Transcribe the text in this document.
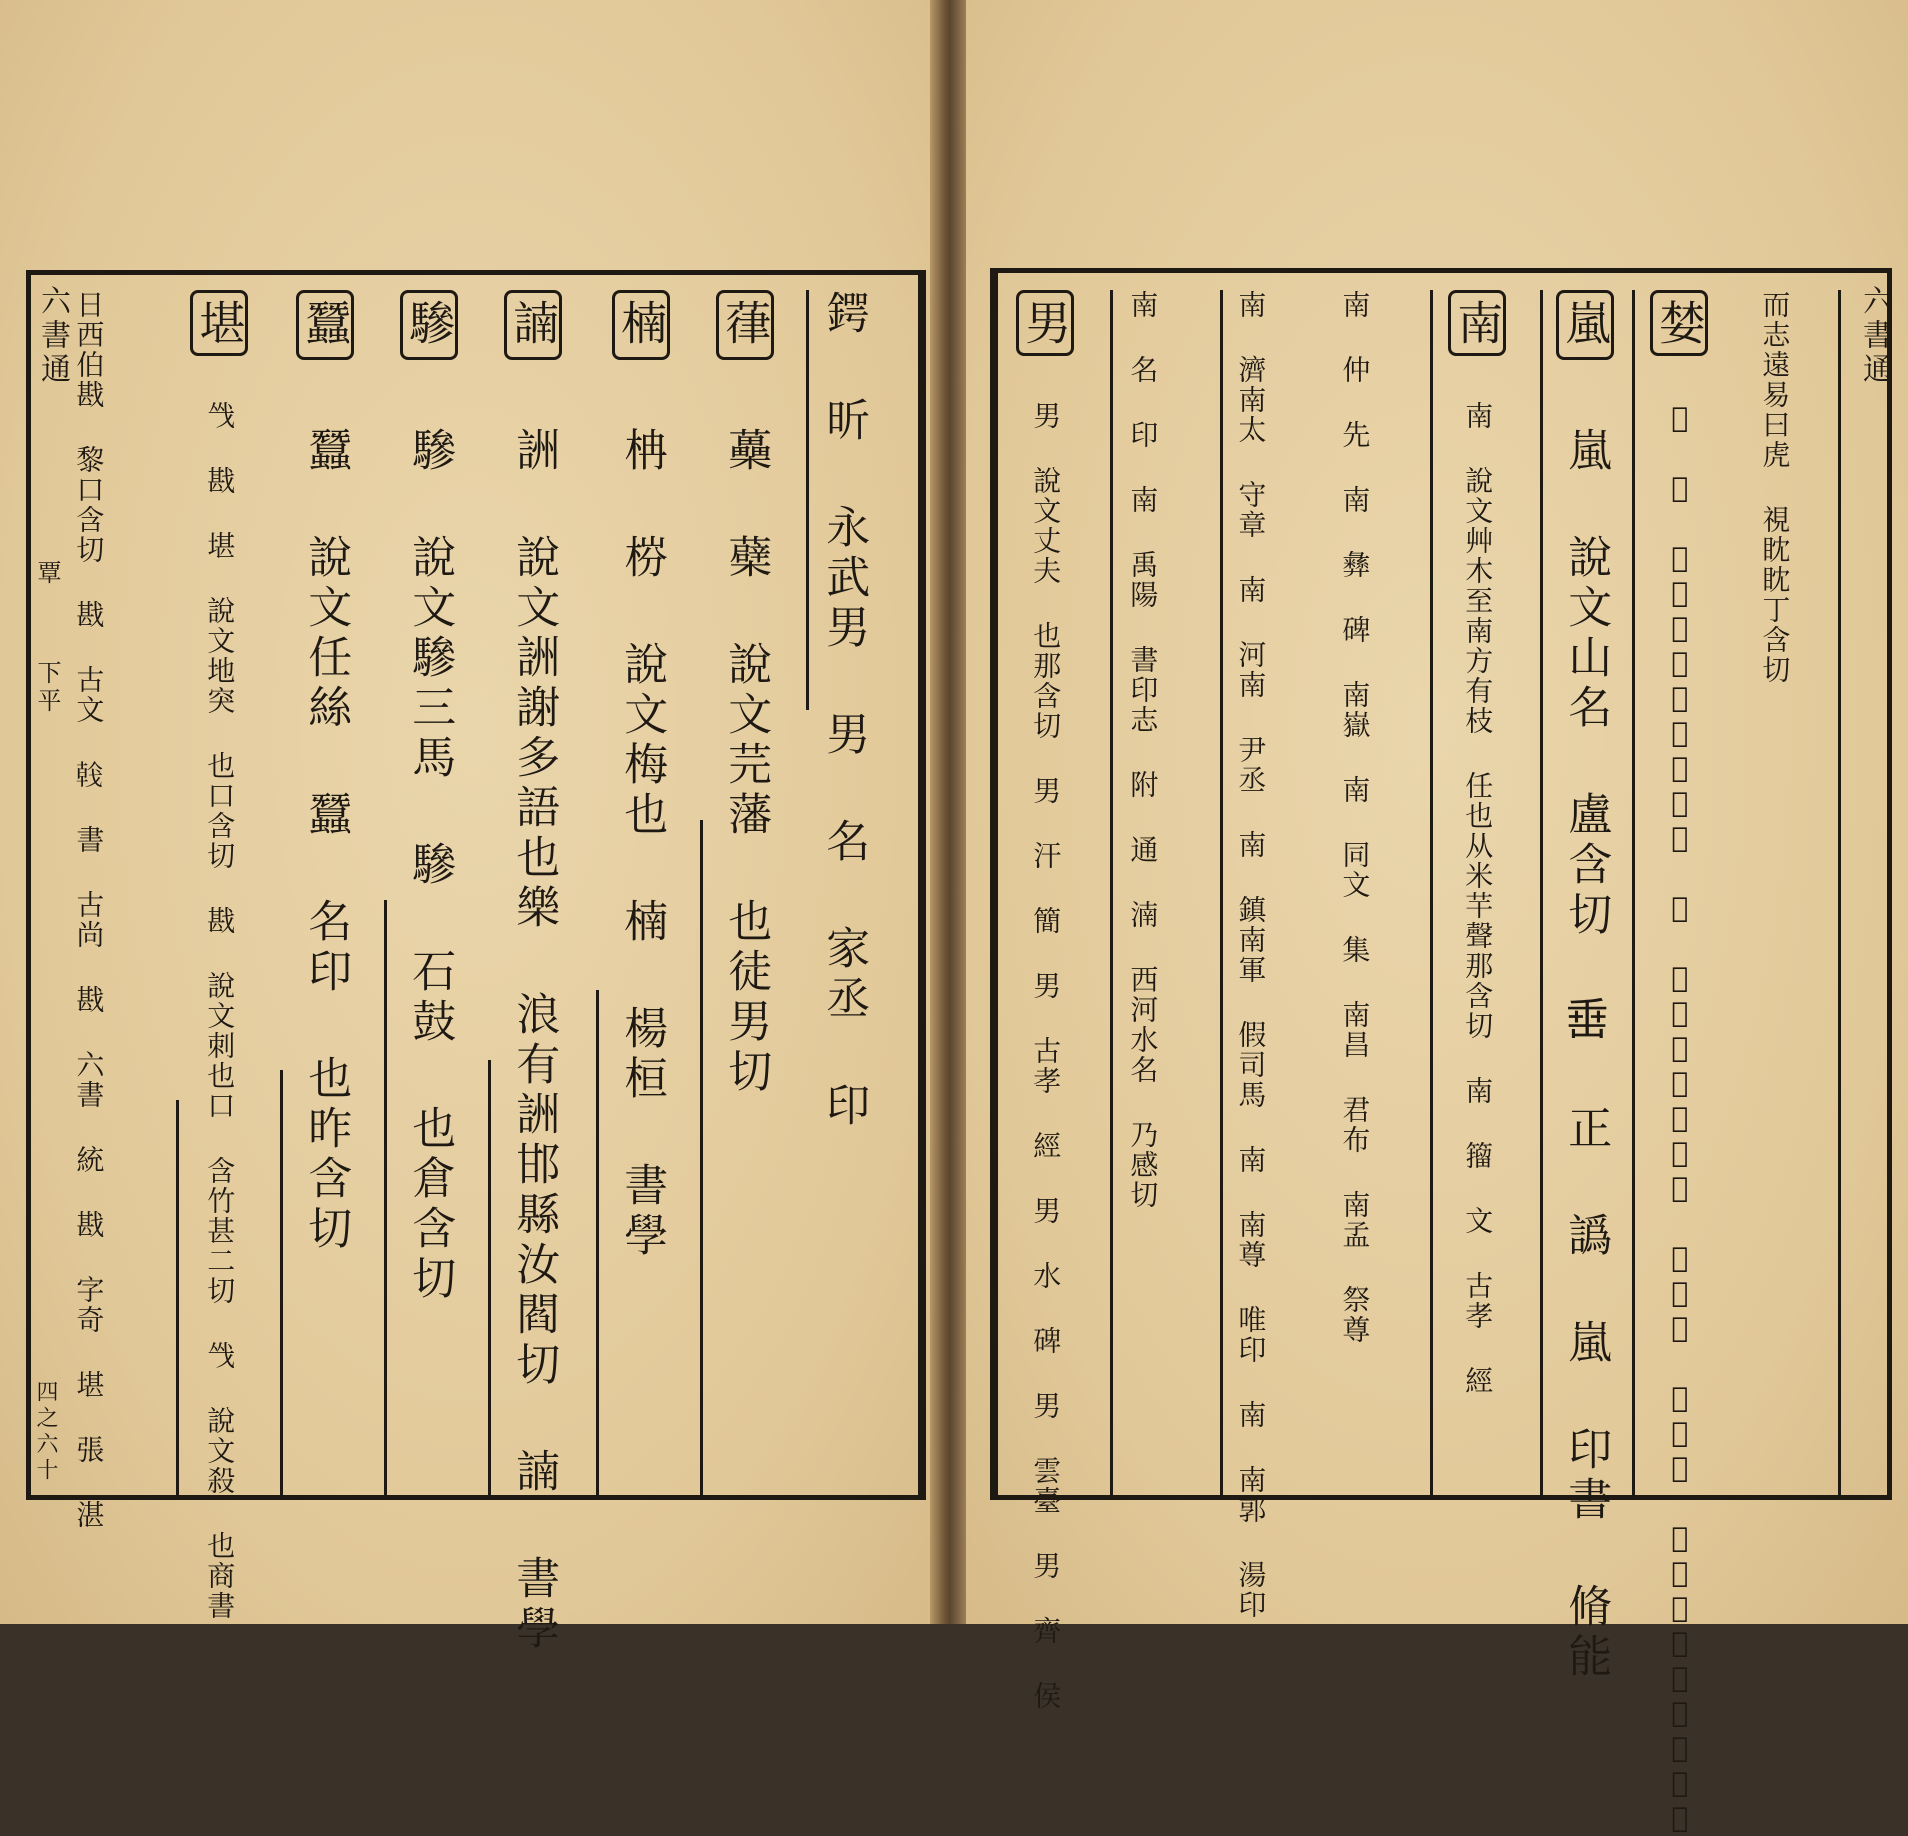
六書通
覃
下平
四之六十
鍔 昕 永武男 男 名 家丞 印
葎 蘽 蘗 說文芫藩 也徒男切
楠 柟 梤 說文梅也 楠 楊桓 書學
諵 詶 說文詶謝多語也樂 浪有詶邯縣汝閻切 諵 書學
驂 驂 說文驂三馬 驂 石鼓 也倉含切
蠶 蠶 說文任絲 蠶 名印 也昨含切
堪 㦰 戡 堪 說文地突 也口含切 戡 說文刺也口 含竹甚二切 㦰 說文殺 也商書
日西伯戡 黎口含切 戡 古文 𢧢 書 古尚 戡 六書 統 戡 字奇 堪 張 湛	六書通
而志遠易曰虎 視眈眈丁含切
婪 𣲖 婪 說文貪也杜林說十者 𣲖 說文河內之北謂 貪曰㛦 盧含切 篡相詐驗為婪盧含切
嵐 嵐 說文山名 盧含切 𡸁 正 譌 嵐 印書 脩能
南 南 說文艸木至南方有枝 任也从米芉聲那含切 南 籀 文 古孝 經
南 仲 先 南 彝 碑 南嶽 南 同文 集 南昌 君布 南孟 祭尊
南 濟南太 守章 南 河南 尹丞 南 鎮南軍 假司馬 南 南尊 唯印 南 南郭 湯印
南 名 印 南 禹陽 書印志 附 通 湳 西河水名 乃感切
男 男 說文丈夫 也那含切 男 汗 簡 男 古孝 經 男 水 碑 男 雲臺 男 齊 侯
